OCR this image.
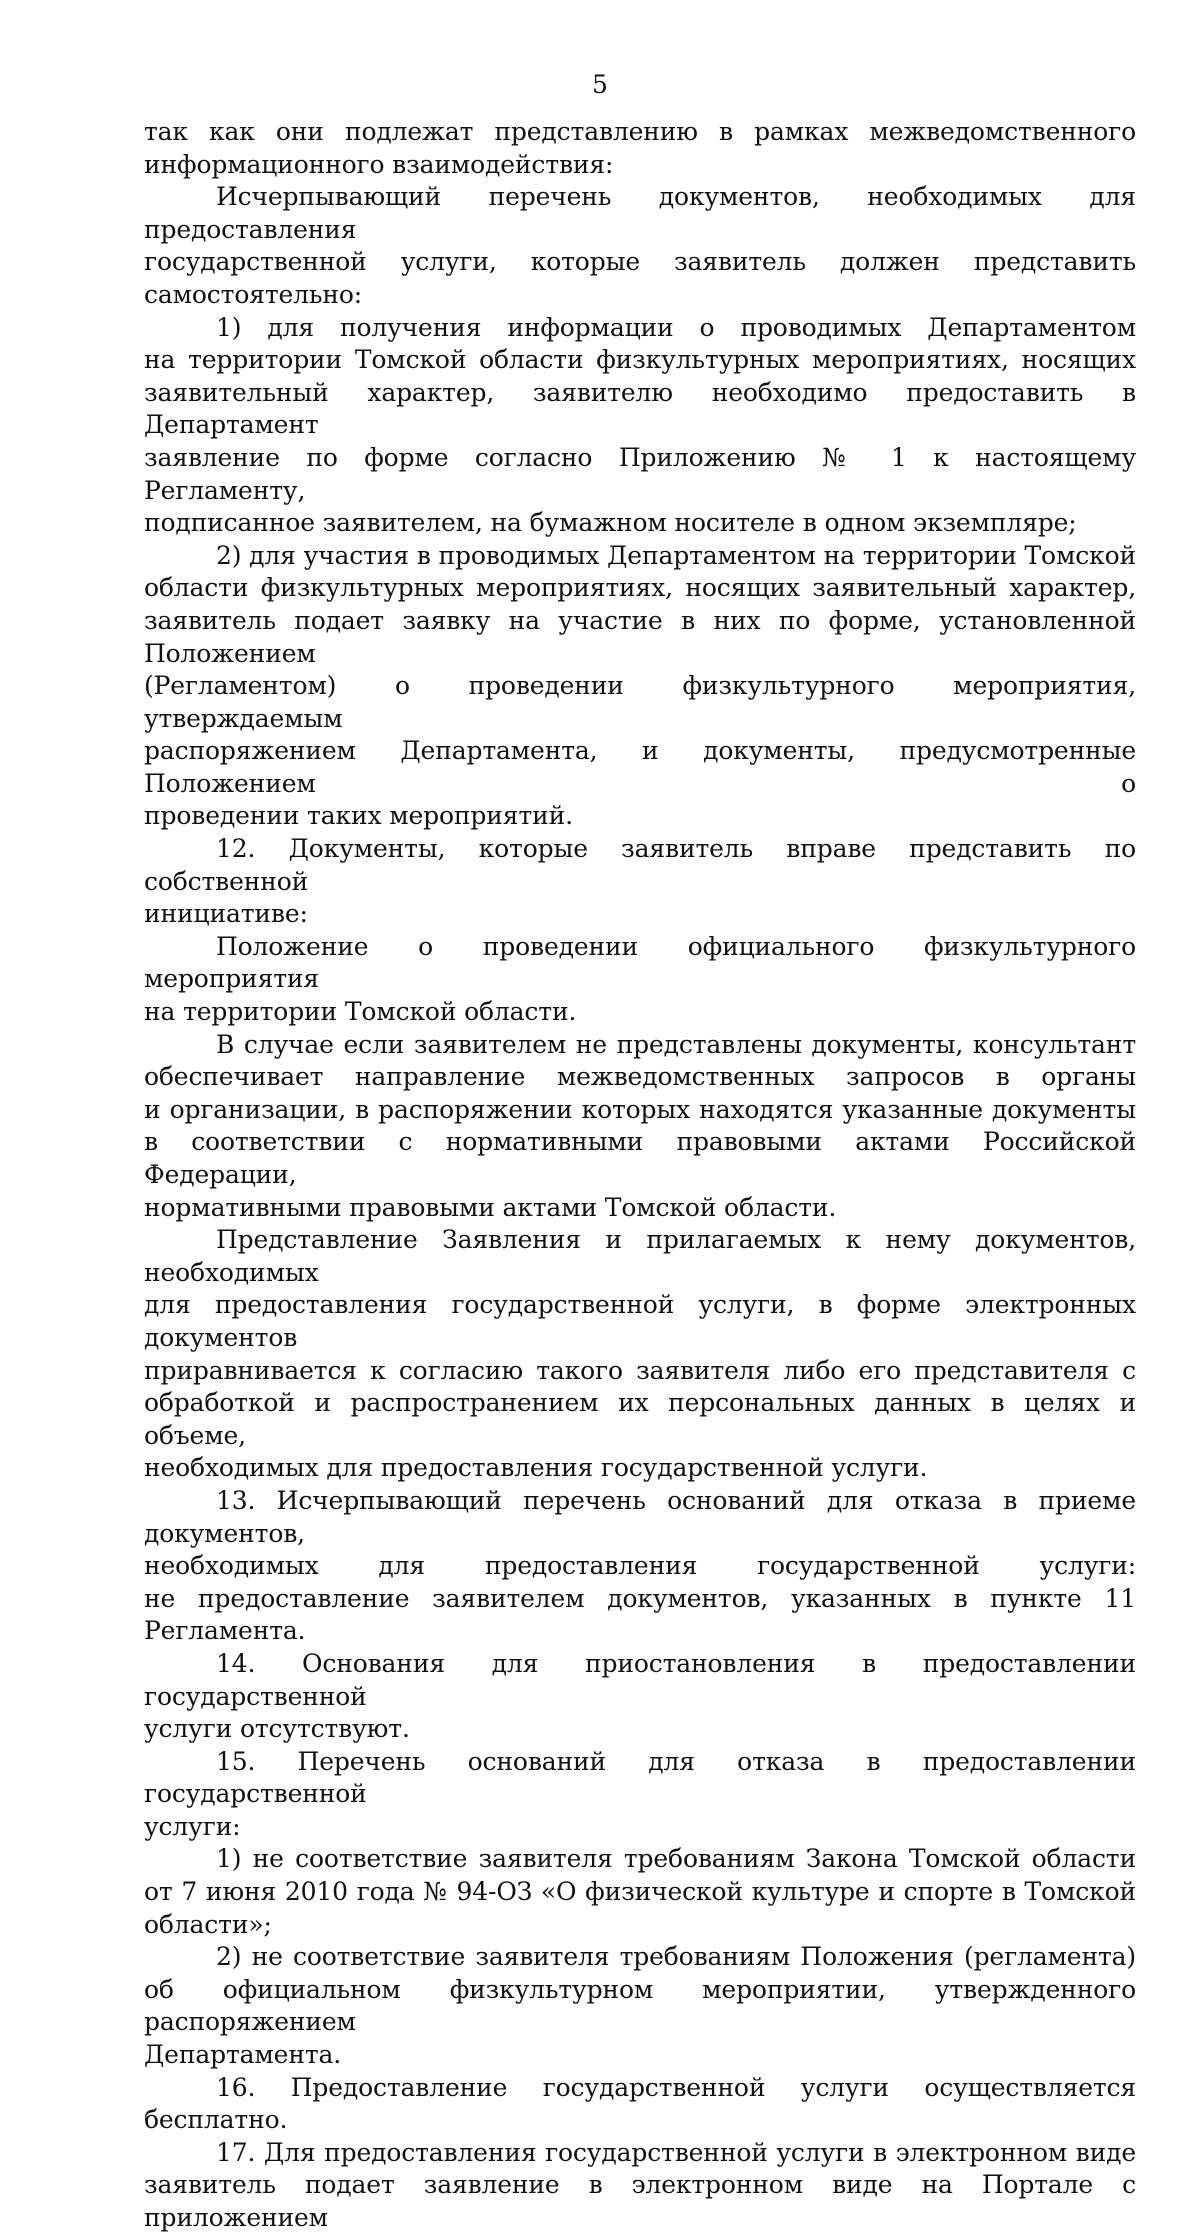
5
так как они подлежат представлению в рамках межведомственного
информационного взаимодействия:
Исчерпывающий перечень документов, необходимых для предоставления
государственной услуги, которые заявитель должен представить самостоятельно:
1) для получения информации о проводимых Департаментом
на территории Томской области физкультурных мероприятиях, носящих
заявительный характер, заявителю необходимо предоставить в Департамент
заявление по форме согласно Приложению № 1 к настоящему Регламенту,
подписанное заявителем, на бумажном носителе в одном экземпляре;
2) для участия в проводимых Департаментом на территории Томской
области физкультурных мероприятиях, носящих заявительный характер,
заявитель подает заявку на участие в них по форме, установленной Положением
(Регламентом) о проведении физкультурного мероприятия, утверждаемым
распоряжением Департамента, и документы, предусмотренные Положением о
проведении таких мероприятий.
12. Документы, которые заявитель вправе представить по собственной
инициативе:
Положение о проведении официального физкультурного мероприятия
на территории Томской области.
В случае если заявителем не представлены документы, консультант
обеспечивает направление межведомственных запросов в органы
и организации, в распоряжении которых находятся указанные документы
в соответствии с нормативными правовыми актами Российской Федерации,
нормативными правовыми актами Томской области.
Представление Заявления и прилагаемых к нему документов, необходимых
для предоставления государственной услуги, в форме электронных документов
приравнивается к согласию такого заявителя либо его представителя с
обработкой и распространением их персональных данных в целях и объеме,
необходимых для предоставления государственной услуги.
13. Исчерпывающий перечень оснований для отказа в приеме документов,
необходимых для предоставления государственной услуги:
не предоставление заявителем документов, указанных в пункте 11 Регламента.
14. Основания для приостановления в предоставлении государственной
услуги отсутствуют.
15. Перечень оснований для отказа в предоставлении государственной
услуги:
1) не соответствие заявителя требованиям Закона Томской области
от 7 июня 2010 года № 94-ОЗ «О физической культуре и спорте в Томской
области»;
2) не соответствие заявителя требованиям Положения (регламента)
об официальном физкультурном мероприятии, утвержденного распоряжением
Департамента.
16. Предоставление государственной услуги осуществляется бесплатно.
17. Для предоставления государственной услуги в электронном виде
заявитель подает заявление в электронном виде на Портале с приложением
